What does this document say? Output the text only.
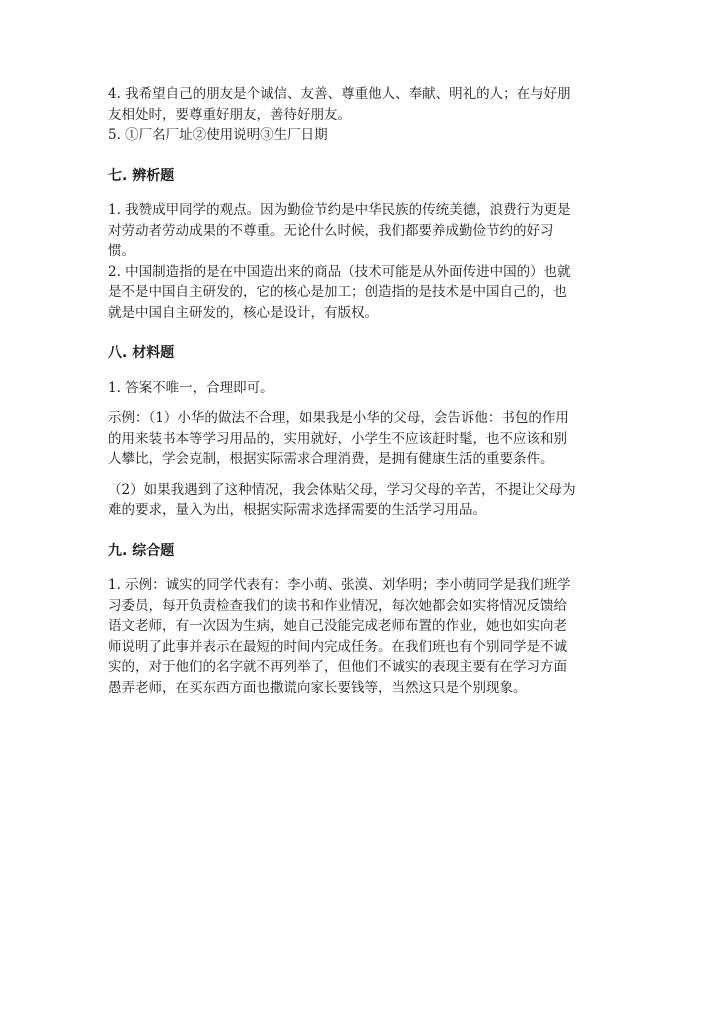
4. 我希望自己的朋友是个诚信、友善、尊重他人、奉献、明礼的人；在与好朋
友相处时，要尊重好朋友，善待好朋友。
5. ①厂名厂址②使用说明③生厂日期
七. 辨析题
1. 我赞成甲同学的观点。因为勤俭节约是中华民族的传统美德，浪费行为更是
对劳动者劳动成果的不尊重。无论什么时候，我们都要养成勤俭节约的好习
惯。
2. 中国制造指的是在中国造出来的商品（技术可能是从外面传进中国的）也就
是不是中国自主研发的，它的核心是加工；创造指的是技术是中国自己的，也
就是中国自主研发的，核心是设计，有版权。
八. 材料题
1. 答案不唯一，合理即可。
示例：（1）小华的做法不合理，如果我是小华的父母，会告诉他：书包的作用
的用来装书本等学习用品的，实用就好，小学生不应该赶时髦，也不应该和别
人攀比，学会克制，根据实际需求合理消费，是拥有健康生活的重要条件。
（2）如果我遇到了这种情况，我会体贴父母，学习父母的辛苦，不提让父母为
难的要求，量入为出，根据实际需求选择需要的生活学习用品。
九. 综合题
1. 示例：诚实的同学代表有：李小萌、张漠、刘华明；李小萌同学是我们班学
习委员，每开负责检查我们的读书和作业情况，每次她都会如实将情况反馈给
语文老师，有一次因为生病，她自己没能完成老师布置的作业，她也如实向老
师说明了此事并表示在最短的时间内完成任务。在我们班也有个别同学是不诚
实的，对于他们的名字就不再列举了，但他们不诚实的表现主要有在学习方面
愚弄老师，在买东西方面也撒谎向家长要钱等，当然这只是个别现象。
